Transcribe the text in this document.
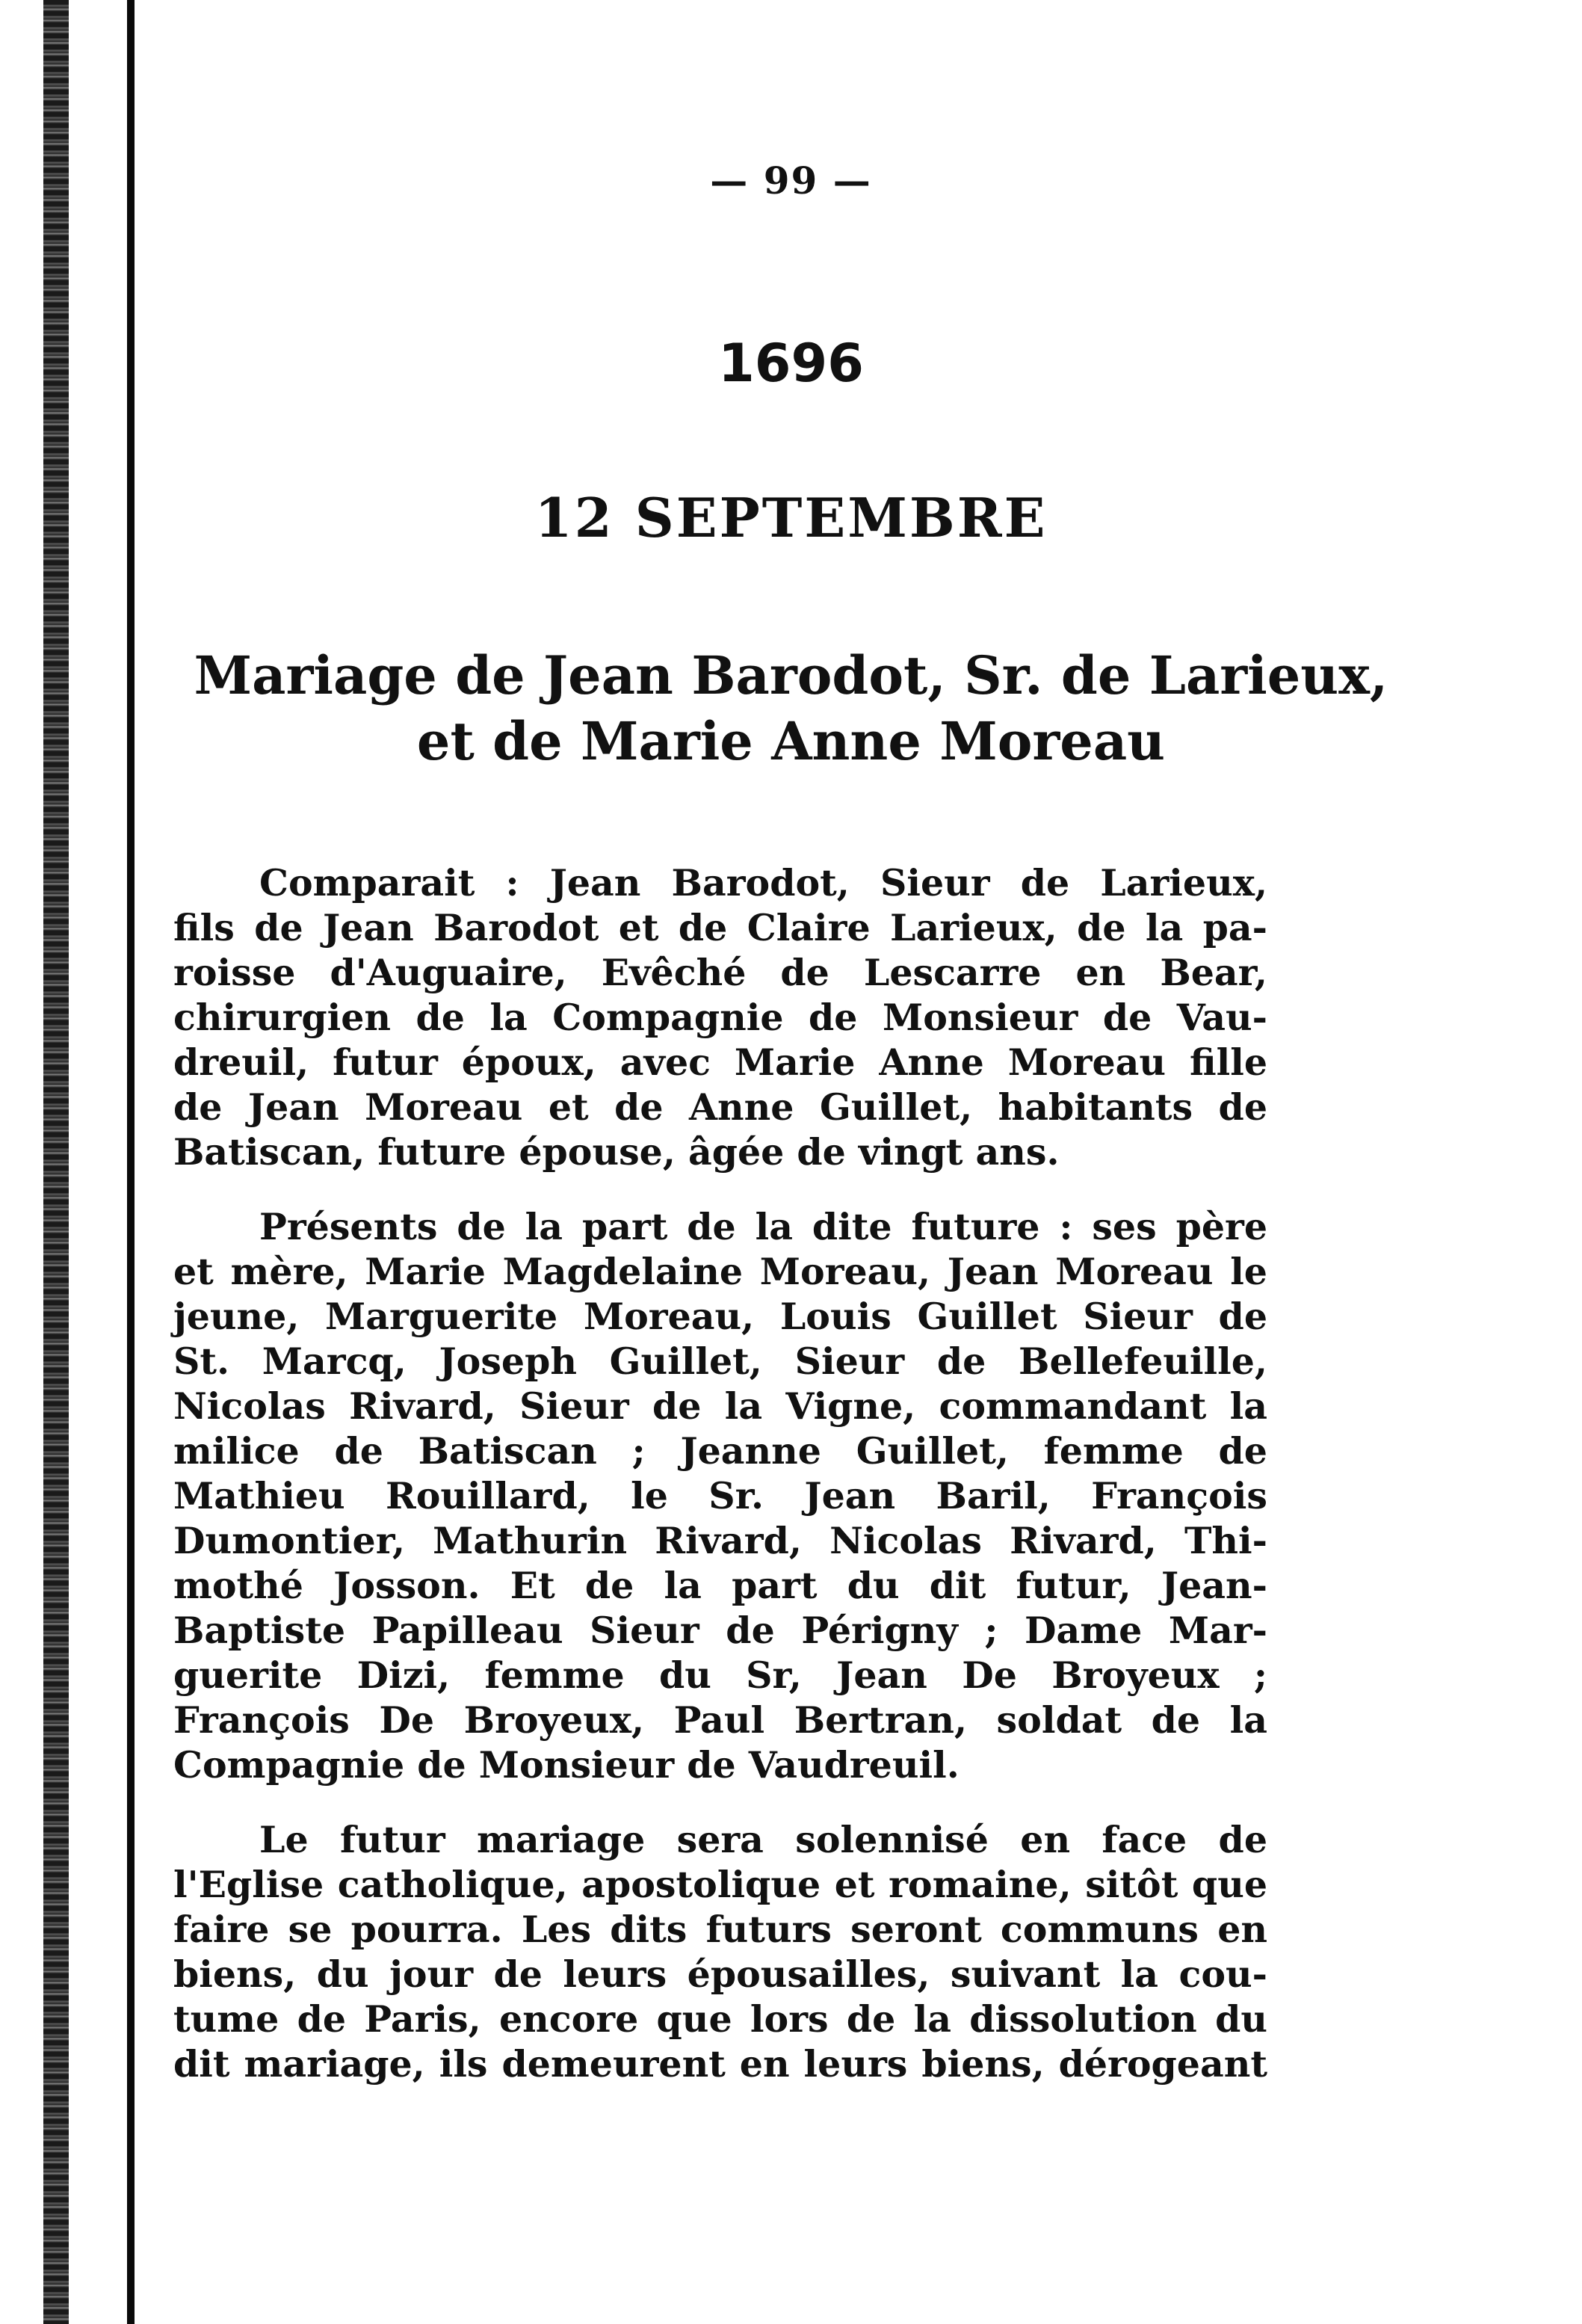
— 99 —
1696
12 SEPTEMBRE
Mariage de Jean Barodot, Sr. de Larieux,
et de Marie Anne Moreau
Comparait : Jean Barodot, Sieur de Larieux,
fils de Jean Barodot et de Claire Larieux, de la pa-
roisse d'Auguaire, Evêché de Lescarre en Bear,
chirurgien de la Compagnie de Monsieur de Vau-
dreuil, futur époux, avec Marie Anne Moreau fille
de Jean Moreau et de Anne Guillet, habitants de
Batiscan, future épouse, âgée de vingt ans.
Présents de la part de la dite future : ses père
et mère, Marie Magdelaine Moreau, Jean Moreau le
jeune, Marguerite Moreau, Louis Guillet Sieur de
St. Marcq, Joseph Guillet, Sieur de Bellefeuille,
Nicolas Rivard, Sieur de la Vigne, commandant la
milice de Batiscan ; Jeanne Guillet, femme de
Mathieu Rouillard, le Sr. Jean Baril, François
Dumontier, Mathurin Rivard, Nicolas Rivard, Thi-
mothé Josson. Et de la part du dit futur, Jean-
Baptiste Papilleau Sieur de Périgny ; Dame Mar-
guerite Dizi, femme du Sr, Jean De Broyeux ;
François De Broyeux, Paul Bertran, soldat de la
Compagnie de Monsieur de Vaudreuil.
Le futur mariage sera solennisé en face de
l'Eglise catholique, apostolique et romaine, sitôt que
faire se pourra. Les dits futurs seront communs en
biens, du jour de leurs épousailles, suivant la cou-
tume de Paris, encore que lors de la dissolution du
dit mariage, ils demeurent en leurs biens, dérogeant
